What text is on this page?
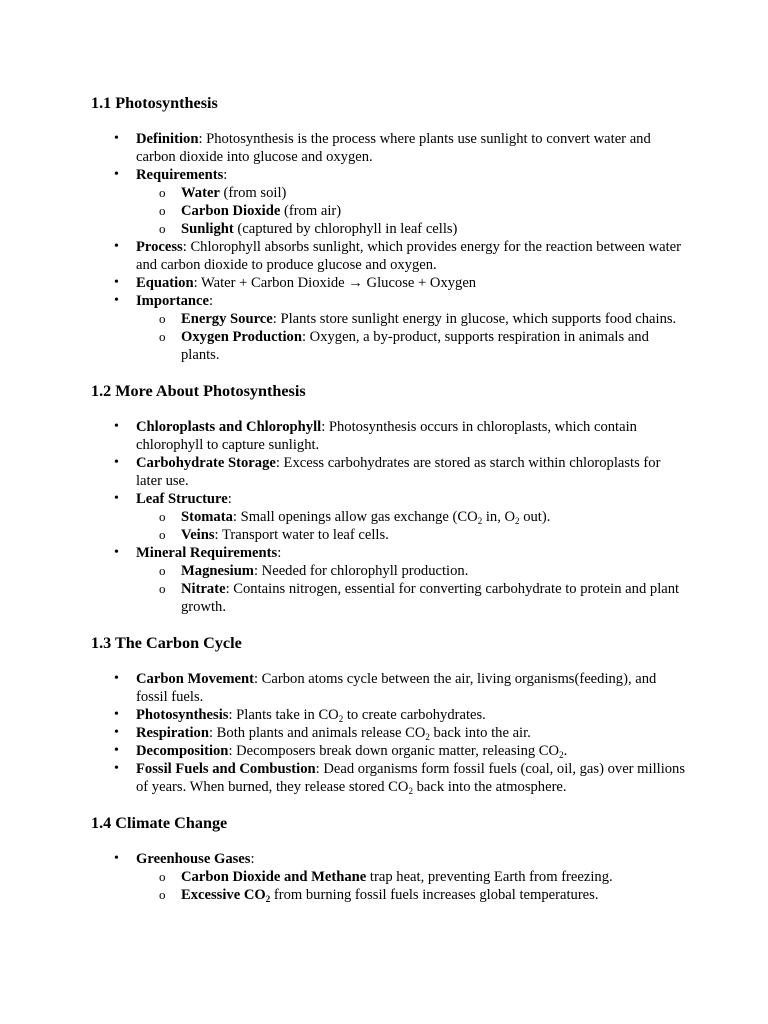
1.1 Photosynthesis
• Definition: Photosynthesis is the process where plants use sunlight to convert water and carbon dioxide into glucose and oxygen.
• Requirements:
o Water (from soil)
o Carbon Dioxide (from air)
o Sunlight (captured by chlorophyll in leaf cells)
• Process: Chlorophyll absorbs sunlight, which provides energy for the reaction between water and carbon dioxide to produce glucose and oxygen.
• Equation: Water + Carbon Dioxide → Glucose + Oxygen
• Importance:
o Energy Source: Plants store sunlight energy in glucose, which supports food chains.
o Oxygen Production: Oxygen, a by-product, supports respiration in animals and plants.
1.2 More About Photosynthesis
• Chloroplasts and Chlorophyll: Photosynthesis occurs in chloroplasts, which contain chlorophyll to capture sunlight.
• Carbohydrate Storage: Excess carbohydrates are stored as starch within chloroplasts for later use.
• Leaf Structure:
o Stomata: Small openings allow gas exchange ($CO_2$ in, $O_2$ out).
o Veins: Transport water to leaf cells.
• Mineral Requirements:
o Magnesium: Needed for chlorophyll production.
o Nitrate: Contains nitrogen, essential for converting carbohydrate to protein and plant growth.
1.3 The Carbon Cycle
• Carbon Movement: Carbon atoms cycle between the air, living organisms(feeding), and fossil fuels.
• Photosynthesis: Plants take in $CO_2$ to create carbohydrates.
• Respiration: Both plants and animals release $CO_2$ back into the air.
• Decomposition: Decomposers break down organic matter, releasing $CO_2$.
• Fossil Fuels and Combustion: Dead organisms form fossil fuels (coal, oil, gas) over millions of years. When burned, they release stored $CO_2$ back into the atmosphere.
1.4 Climate Change
• Greenhouse Gases:
o Carbon Dioxide and Methane trap heat, preventing Earth from freezing.
o Excessive $CO_2$ from burning fossil fuels increases global temperatures.
